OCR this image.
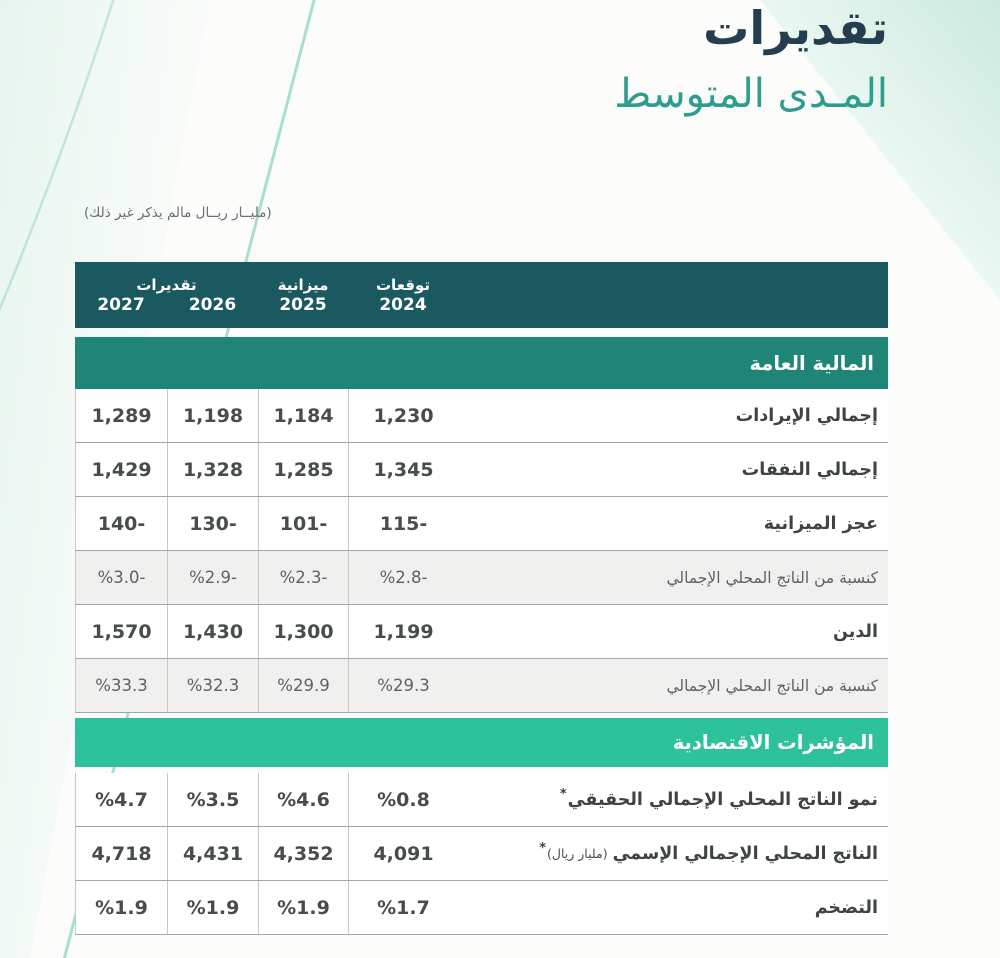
تقديرات
المـدى المتوسط
(مليــار ريــال مالم يذكر غير ذلك)
توقعات
2024
ميزانية
2025
تقديرات
2026
2027
المالية العامة
إجمالي الإيرادات
1,230
1,184
1,198
1,289
إجمالي النفقات
1,345
1,285
1,328
1,429
عجز الميزانية
115-
101-
130-
140-
كنسبة من الناتج المحلي الإجمالي
%2.8-
%2.3-
%2.9-
%3.0-
الدين
1,199
1,300
1,430
1,570
كنسبة من الناتج المحلي الإجمالي
%29.3
%29.9
%32.3
%33.3
المؤشرات الاقتصادية
نمو الناتج المحلي الإجمالي الحقيقي
*
%0.8
%4.6
%3.5
%4.7
الناتج المحلي الإجمالي الإسمي
(مليار ريال)
*
4,091
4,352
4,431
4,718
التضخم
%1.7
%1.9
%1.9
%1.9
